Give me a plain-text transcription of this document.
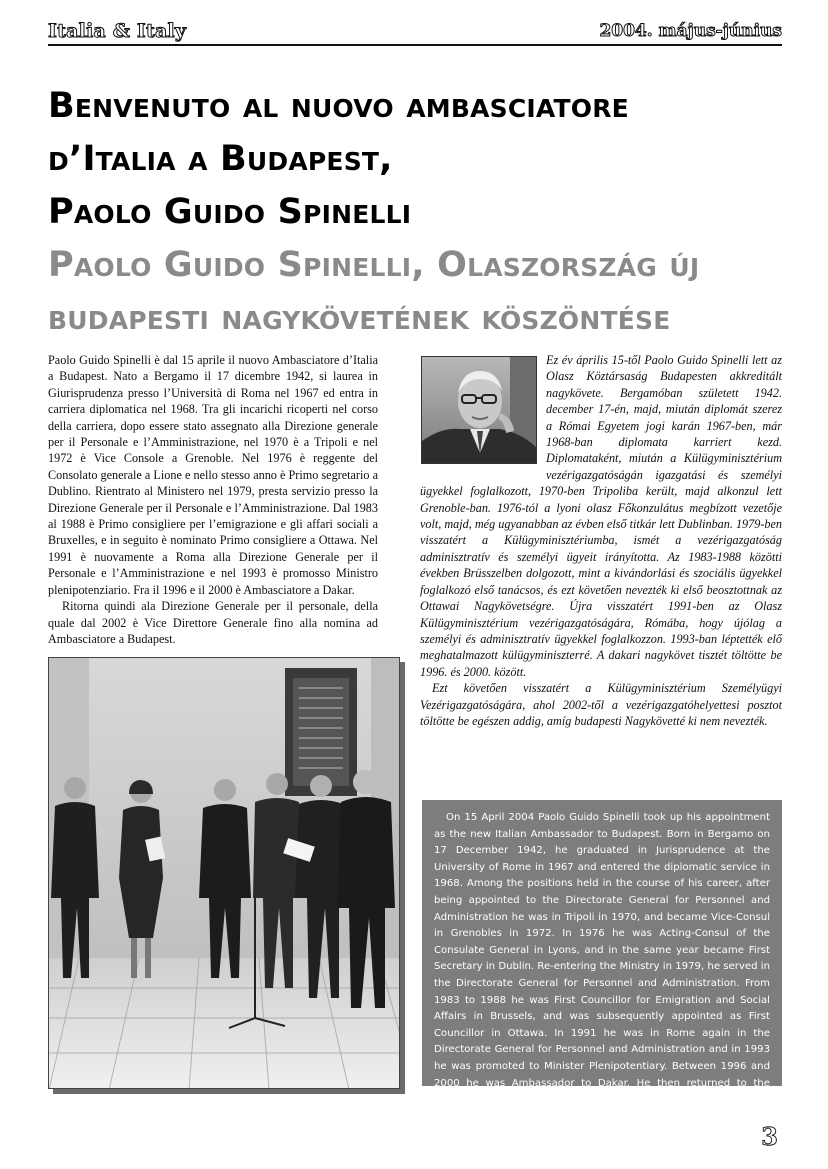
Italia & Italy	2004. május-június
Benvenuto al nuovo ambasciatore
d’Italia a Budapest,
Paolo Guido Spinelli
Paolo Guido Spinelli, Olaszország új
budapesti nagykövetének köszöntése

Paolo Guido Spinelli è dal 15 aprile il nuovo Ambasciatore d’Italia a Budapest. Nato a Bergamo il 17 dicembre 1942, si laurea in Giurisprudenza presso l’Università di Roma nel 1967 ed entra in carriera diplomatica nel 1968. Tra gli incarichi ricoperti nel corso della carriera, dopo essere stato assegnato alla Direzione generale per il Personale e l’Amministrazione, nel 1970 è a Tripoli e nel 1972 è Vice Console a Grenoble. Nel 1976 è reggente del Consolato generale a Lione e nello stesso anno è Primo segretario a Dublino. Rientrato al Ministero nel 1979, presta servizio presso la Direzione Generale per il Personale e l’Amministrazione. Dal 1983 al 1988 è Primo consigliere per l’emigrazione e gli affari sociali a Bruxelles, e in seguito è nominato Primo consigliere a Ottawa. Nel 1991 è nuovamente a Roma alla Direzione Generale per il Personale e l’Amministrazione e nel 1993 è promosso Ministro plenipotenziario. Fra il 1996 e il 2000 è Ambasciatore a Dakar.

Ritorna quindi ala Direzione Generale per il personale, della quale dal 2002 è Vice Direttore Generale fino alla nomina ad Ambasciatore a Budapest.

Ez év április 15-től Paolo Guido Spinelli lett az Olasz Köztársaság Budapesten akkreditált nagykövete. Bergamóban született 1942. december 17-én, majd, miután diplomát szerez a Római Egyetem jogi karán 1967-ben, már 1968-ban diplomata karriert kezd. Diplomataként, miután a Külügyminisztérium vezérigazgatóságán igazgatási és személyi ügyekkel foglalkozott, 1970-ben Tripoliba került, majd alkonzul lett Grenoble-ban. 1976-tól a lyoni olasz Főkonzulátus megbízott vezetője volt, majd, még ugyanabban az évben első titkár lett Dublinban. 1979-ben visszatért a Külügyminisztériumba, ismét a vezérigazgatóság adminisztratív és személyi ügyeit irányította. Az 1983-1988 közötti években Brüsszelben dolgozott, mint a kivándorlási és szociális ügyekkel foglalkozó első tanácsos, és ezt követően nevezték ki első beosztottnak az Ottawai Nagykövetségre. Újra visszatért 1991-ben az Olasz Külügyminisztérium vezérigazgatóságára, Rómába, hogy újólag a személyi és adminisztratív ügyekkel foglalkozzon. 1993-ban léptették elő meghatalmazott külügyminiszterré. A dakari nagykövet tisztét töltötte be 1996. és 2000. között.

Ezt követően visszatért a Külügyminisztérium Személyügyi Vezérigazgatóságára, ahol 2002-től a vezérigazgatóhelyettesi posztot töltötte be egészen addig, amíg budapesti Nagykövetté ki nem nevezték.

On 15 April 2004 Paolo Guido Spinelli took up his appointment as the new Italian Ambassador to Budapest. Born in Bergamo on 17 December 1942, he graduated in Jurisprudence at the University of Rome in 1967 and entered the diplomatic service in 1968. Among the positions held in the course of his career, after being appointed to the Directorate General for Personnel and Administration he was in Tripoli in 1970, and became Vice-Consul in Grenobles in 1972. In 1976 he was Acting-Consul of the Consulate General in Lyons, and in the same year became First Secretary in Dublin. Re-entering the Ministry in 1979, he served in the Directorate General for Personnel and Administration. From 1983 to 1988 he was First Councillor for Emigration and Social Affairs in Brussels, and was subsequently appointed as First Councillor in Ottawa. In 1991 he was in Rome again in the Directorate General for Personnel and Administration and in 1993 he was promoted to Minister Plenipotentiary. Between 1996 and 2000 he was Ambassador to Dakar. He then returned to the Directorate General for Personnel and Administration where from 2002 he held the post of Vice-Director General until his appointment to Budapest.	3
